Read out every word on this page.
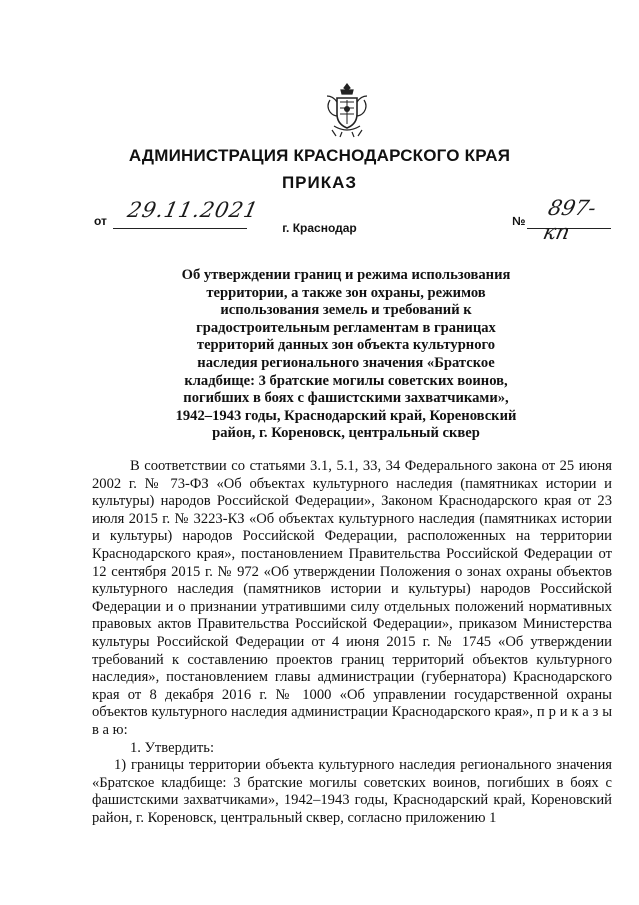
АДМИНИСТРАЦИЯ КРАСНОДАРСКОГО КРАЯ
ПРИКАЗ
от 29.11.2021	№
897-кп
г. Краснодар
Об утверждении границ и режима использования территории, а также зон охраны, режимов использования земель и требований к градостроительным регламентам в границах территорий данных зон объекта культурного наследия регионального значения «Братское кладбище: 3 братские могилы советских воинов, погибших в боях с фашистскими захватчиками», 1942–1943 годы, Краснодарский край, Кореновский район, г. Кореновск, центральный сквер

В соответствии со статьями 3.1, 5.1, 33, 34 Федерального закона от 25 июня 2002 г. № 73-ФЗ «Об объектах культурного наследия (памятниках истории и культуры) народов Российской Федерации», Законом Краснодарского края от 23 июля 2015 г. № 3223-КЗ «Об объектах культурного наследия (памятниках истории и культуры) народов Российской Федерации, расположенных на территории Краснодарского края», постановлением Правительства Российской Федерации от 12 сентября 2015 г. № 972 «Об утверждении Положения о зонах охраны объектов культурного наследия (памятников истории и культуры) народов Российской Федерации и о признании утратившими силу отдельных положений нормативных правовых актов Правительства Российской Федерации», приказом Министерства культуры Российской Федерации от 4 июня 2015 г. № 1745 «Об утверждении требований к составлению проектов границ территорий объектов культурного наследия», постановлением главы администрации (губернатора) Краснодарского края от 8 декабря 2016 г. № 1000 «Об управлении государственной охраны объектов культурного наследия администрации Краснодарского края», п р и к а з ы в а ю:

1. Утвердить:

1) границы территории объекта культурного наследия регионального значения «Братское кладбище: 3 братские могилы советских воинов, погибших в боях с фашистскими захватчиками», 1942–1943 годы, Краснодарский край, Кореновский район, г. Кореновск, центральный сквер, согласно приложению 1
